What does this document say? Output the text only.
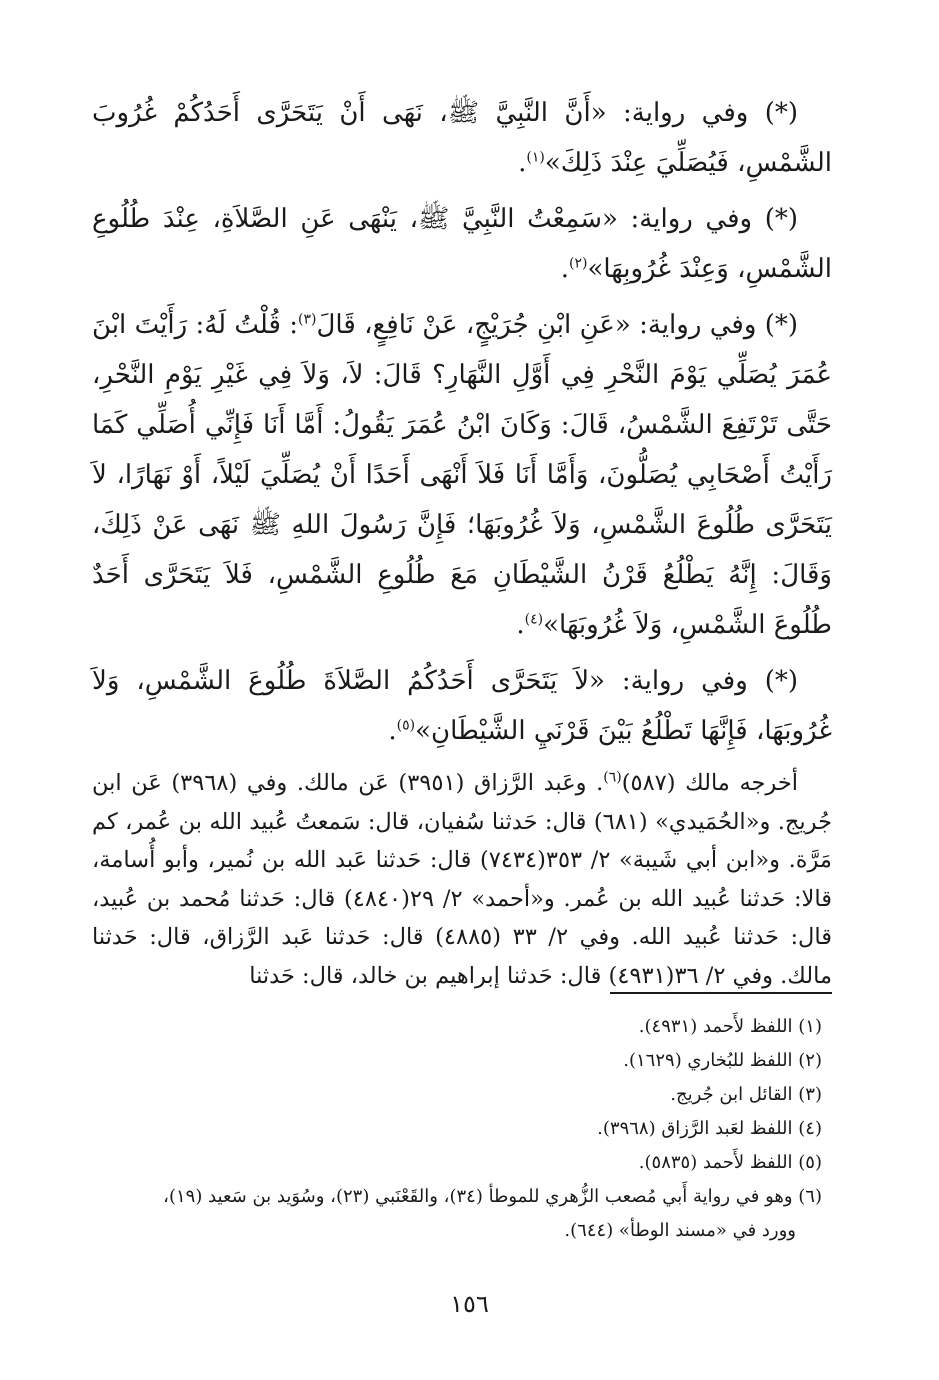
(*) وفي رواية: «أَنَّ النَّبِيَّ ﷺ، نَهَى أَنْ يَتَحَرَّى أَحَدُكُمْ غُرُوبَ الشَّمْسِ، فَيُصَلِّيَ عِنْدَ ذَلِكَ»$^{(١)}$.

(*) وفي رواية: «سَمِعْتُ النَّبِيَّ ﷺ، يَنْهَى عَنِ الصَّلاَةِ، عِنْدَ طُلُوعِ الشَّمْسِ، وَعِنْدَ غُرُوبِهَا»$^{(٢)}$.

(*) وفي رواية: «عَنِ ابْنِ جُرَيْجٍ، عَنْ نَافِعٍ، قَالَ$^{(٣)}$: قُلْتُ لَهُ: رَأَيْتَ ابْنَ عُمَرَ يُصَلِّي يَوْمَ النَّحْرِ فِي أَوَّلِ النَّهَارِ؟ قَالَ: لاَ، وَلاَ فِي غَيْرِ يَوْمِ النَّحْرِ، حَتَّى تَرْتَفِعَ الشَّمْسُ، قَالَ: وَكَانَ ابْنُ عُمَرَ يَقُولُ: أَمَّا أَنَا فَإِنِّي أُصَلِّي كَمَا رَأَيْتُ أَصْحَابِي يُصَلُّونَ، وَأَمَّا أَنَا فَلاَ أَنْهَى أَحَدًا أَنْ يُصَلِّيَ لَيْلاً، أَوْ نَهَارًا، لاَ يَتَحَرَّى طُلُوعَ الشَّمْسِ، وَلاَ غُرُوبَهَا؛ فَإِنَّ رَسُولَ اللهِ ﷺ نَهَى عَنْ ذَلِكَ، وَقَالَ: إِنَّهُ يَطْلُعُ قَرْنُ الشَّيْطَانِ مَعَ طُلُوعِ الشَّمْسِ، فَلاَ يَتَحَرَّى أَحَدٌ طُلُوعَ الشَّمْسِ، وَلاَ غُرُوبَهَا»$^{(٤)}$.

(*) وفي رواية: «لاَ يَتَحَرَّى أَحَدُكُمُ الصَّلاَةَ طُلُوعَ الشَّمْسِ، وَلاَ غُرُوبَهَا، فَإِنَّهَا تَطْلُعُ بَيْنَ قَرْنَيِ الشَّيْطَانِ»$^{(٥)}$.

أخرجه مالك (٥٨٧)$^{(٦)}$. وعَبد الرَّزاق (٣٩٥١) عَن مالك. وفي (٣٩٦٨) عَن ابن جُريج. و«الحُمَيدي» (٦٨١) قال: حَدثنا سُفيان، قال: سَمعتُ عُبيد الله بن عُمر، كم مَرَّة. و«ابن أبي شَيبة» ٢/ ٣٥٣(٧٤٣٤) قال: حَدثنا عَبد الله بن نُمير، وأبو أُسامة، قالا: حَدثنا عُبيد الله بن عُمر. و«أحمد» ٢/ ٢٩(٤٨٤٠) قال: حَدثنا مُحمد بن عُبيد، قال: حَدثنا عُبيد الله. وفي ٢/ ٣٣ (٤٨٨٥) قال: حَدثنا عَبد الرَّزاق، قال: حَدثنا مالك. وفي ٢/ ٣٦(٤٩٣١) قال: حَدثنا إبراهيم بن خالد، قال: حَدثنا

(١) اللفظ لأَحمد (٤٩٣١).

(٢) اللفظ للبُخاري (١٦٢٩).

(٣) القائل ابن جُريج.

(٤) اللفظ لعَبد الرَّزاق (٣٩٦٨).

(٥) اللفظ لأَحمد (٥٨٣٥).

(٦) وهو في رواية أَبي مُصعب الزُّهري للموطأ (٣٤)، والقَعْنَبي (٢٣)، وسُوَيد بن سَعيد (١٩)،

وورد في «مسند الوطأ» (٦٤٤).

١٥٦
